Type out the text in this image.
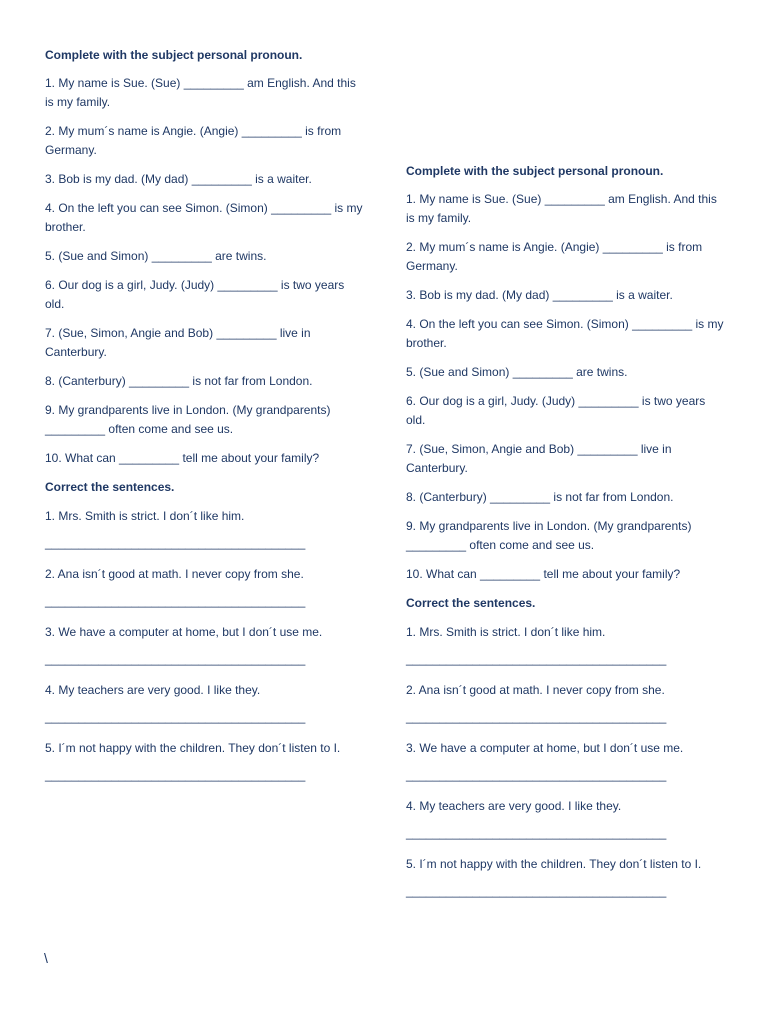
Complete with the subject personal pronoun.
1. My name is Sue. (Sue) _________ am English. And this is my family.
2. My mum´s name is Angie. (Angie) _________ is from Germany.
3. Bob is my dad. (My dad) _________ is a waiter.
4. On the left you can see Simon. (Simon) _________ is my brother.
5. (Sue and Simon) _________ are twins.
6. Our dog is a girl, Judy. (Judy) _________ is two years old.
7. (Sue, Simon, Angie and Bob) _________ live in Canterbury.
8. (Canterbury) _________ is not far from London.
9. My grandparents live in London. (My grandparents) _________ often come and see us.
10. What can _________ tell me about your family?
Correct the sentences.
1. Mrs. Smith is strict. I don´t like him.
_______________________________________
2. Ana isn´t good at math. I never copy from she.
_______________________________________
3. We have a computer at home, but I don´t use me.
_______________________________________
4. My teachers are very good. I like they.
_______________________________________
5. I´m not happy with the children. They don´t listen to I.
_______________________________________
Complete with the subject personal pronoun.
1. My name is Sue. (Sue) _________ am English. And this is my family.
2. My mum´s name is Angie. (Angie) _________ is from Germany.
3. Bob is my dad. (My dad) _________ is a waiter.
4. On the left you can see Simon. (Simon) _________ is my brother.
5. (Sue and Simon) _________ are twins.
6. Our dog is a girl, Judy. (Judy) _________ is two years old.
7. (Sue, Simon, Angie and Bob) _________ live in Canterbury.
8. (Canterbury) _________ is not far from London.
9. My grandparents live in London. (My grandparents) _________ often come and see us.
10. What can _________ tell me about your family?
Correct the sentences.
1. Mrs. Smith is strict. I don´t like him.
_______________________________________
2. Ana isn´t good at math. I never copy from she.
_______________________________________
3. We have a computer at home, but I don´t use me.
_______________________________________
4. My teachers are very good. I like they.
_______________________________________
5. I´m not happy with the children. They don´t listen to I.
_______________________________________
\
